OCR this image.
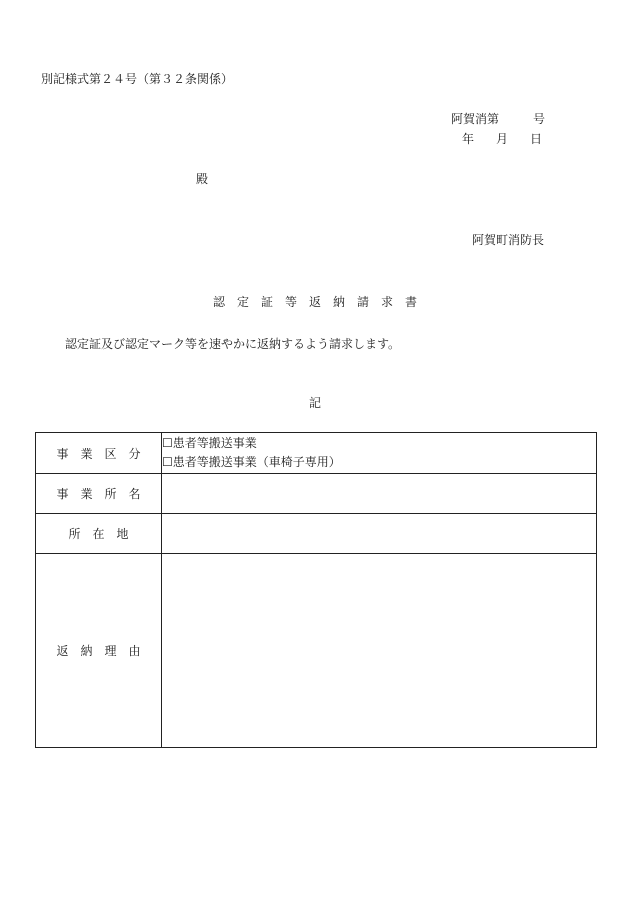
別記様式第２４号（第３２条関係）
阿賀消第	号
年 月 日
殿
阿賀町消防長
認　定　証　等　返　納　請　求　書
認定証及び認定マーク等を速やかに返納するよう請求します。
記
事　業　区　分	☐患者等搬送事業
☐患者等搬送事業（車椅子専用）

事　業　所　名	
所　在　地	
返　納　理　由	
